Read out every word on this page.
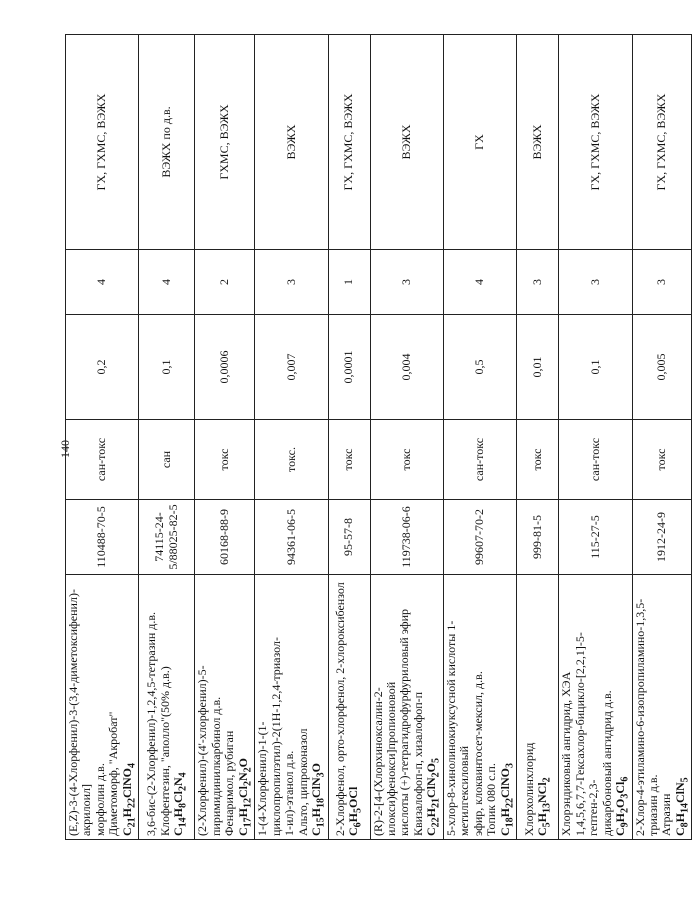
140
(E,Z)-3-(4-Хлорфенил)-3-(3,4-диметоксифенил)- акрилоил] морфолин д.в. Диметоморф, "Акробат" $C_{21}H_{22}ClNO_4$	110488-70-5	сан-токс	0,2	4	ГХ, ГХМС, ВЭЖХ

3,6-бис-(2-Хлорфенил)-1,2,4,5-тетразин д.в. Клофентезин, "аполло"(50% д.в.) $C_{14}H_8Cl_2N_4$	74115-24-5/88025-82-5	сан	0,1	4	ВЭЖХ по д.в.

(2-Хлорфенил)-(4'-хлорфенил)-5-пиримидинилкарбинол д.в. Фенаримол, рубиган $C_{17}H_{12}Cl_2N_2O$	60168-88-9	токс	0,0006	2	ГХМС, ВЭЖХ

1-(4-Хлорфенил)-1-(1-циклопропилэтил)-2(1Н-1,2,4-триазол- 1-ил)-этанол д.в. Альто, ципроконазол $C_{15}H_{18}ClN_3O$	94361-06-5	токс.	0,007	3	ВЭЖХ

2-Хлорфенол, орто-хлорфенол, 2-хлороксибензол $C_6H_5OCl$	95-57-8	токс	0,0001	1	ГХ, ГХМС, ВЭЖХ

(R)-2-[4-(Хлорхиноксалин-2-илокси)фенокси]пропионовой кислоты (+)-тетрагидрофурфуриловый эфир Квизалофоп-п, хизалофоп-п $C_{22}H_{21}ClN_2O_5$	119738-06-6	токс	0,004	3	ВЭЖХ

5-хлор-8-хинолинокиуксусной кислоты 1-метилгексиловый эфир, клоквинтосет-мексил, д.в. Топик 080 с.п. $C_{18}H_{22}ClNO_3$	99607-70-2	сан-токс	0,5	4	ГХ

Хлорхолинхлорид $C_5H_{13}NCl_2$	999-81-5	токс	0,01	3	ВЭЖХ

Хлорэндиковый ангидрид, ХЭА 1,4,5,6,7,7-Гексахлор-бицикло-[2,2,1]-5-гептен-2,3- дикарбоновый ангидрид д.в. $C_9H_2O_3Cl_6$	115-27-5	сан-токс	0,1	3	ГХ, ГХМС, ВЭЖХ

2-Хлор-4-этиламино-6-изопропиламино-1,3,5-триазин д.в. Атразин $C_8H_{14}ClN_5$	1912-24-9	токс	0,005	3	ГХ, ГХМС, ВЭЖХ
